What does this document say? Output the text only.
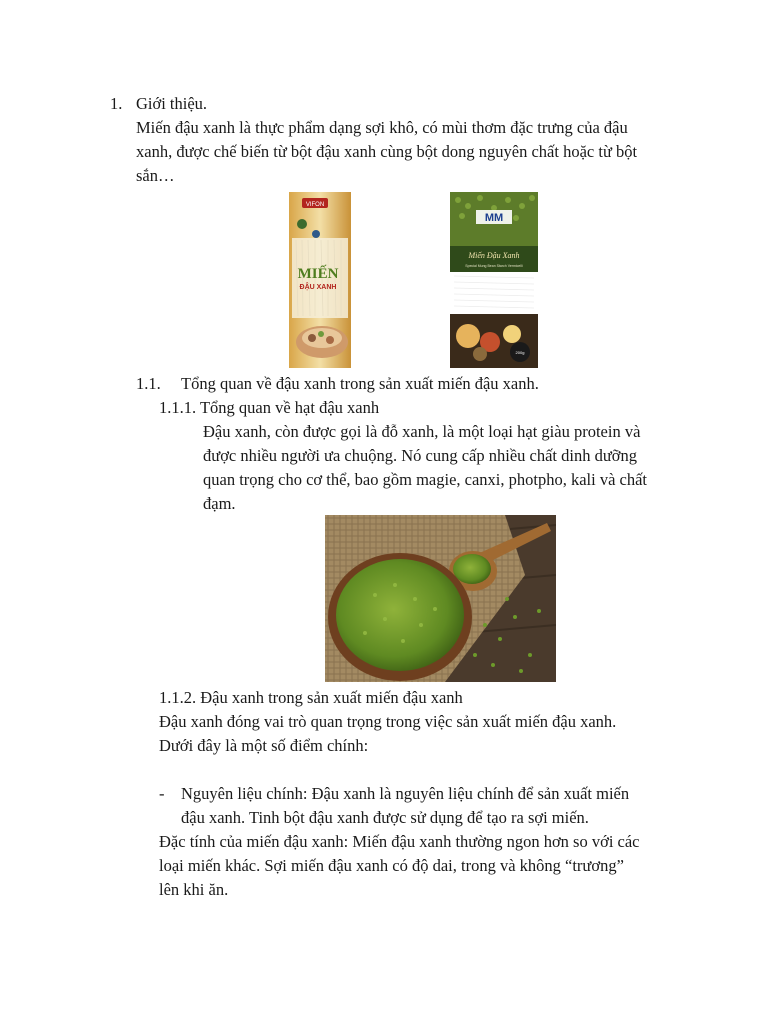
1. Giới thiệu.
Miến đậu xanh là thực phẩm dạng sợi khô, có mùi thơm đặc trưng của đậu
xanh, được chế biến từ bột đậu xanh cùng bột dong nguyên chất hoặc từ bột
sắn…
VIFON
MIẾN
ĐẬU XANH
MM
Miến Đậu Xanh
Special Mung Bean Starch Vermicelli
200g
1.1. Tổng quan về đậu xanh trong sản xuất miến đậu xanh.
1.1.1. Tổng quan về hạt đậu xanh
Đậu xanh, còn được gọi là đỗ xanh, là một loại hạt giàu protein và
được nhiều người ưa chuộng. Nó cung cấp nhiều chất dinh dưỡng
quan trọng cho cơ thể, bao gồm magie, canxi, photpho, kali và chất
đạm.
1.1.2. Đậu xanh trong sản xuất miến đậu xanh
Đậu xanh đóng vai trò quan trọng trong việc sản xuất miến đậu xanh.
Dưới đây là một số điểm chính:
- Nguyên liệu chính: Đậu xanh là nguyên liệu chính để sản xuất miến
đậu xanh. Tinh bột đậu xanh được sử dụng để tạo ra sợi miến.
Đặc tính của miến đậu xanh: Miến đậu xanh thường ngon hơn so với các
loại miến khác. Sợi miến đậu xanh có độ dai, trong và không “trương”
lên khi ăn.
